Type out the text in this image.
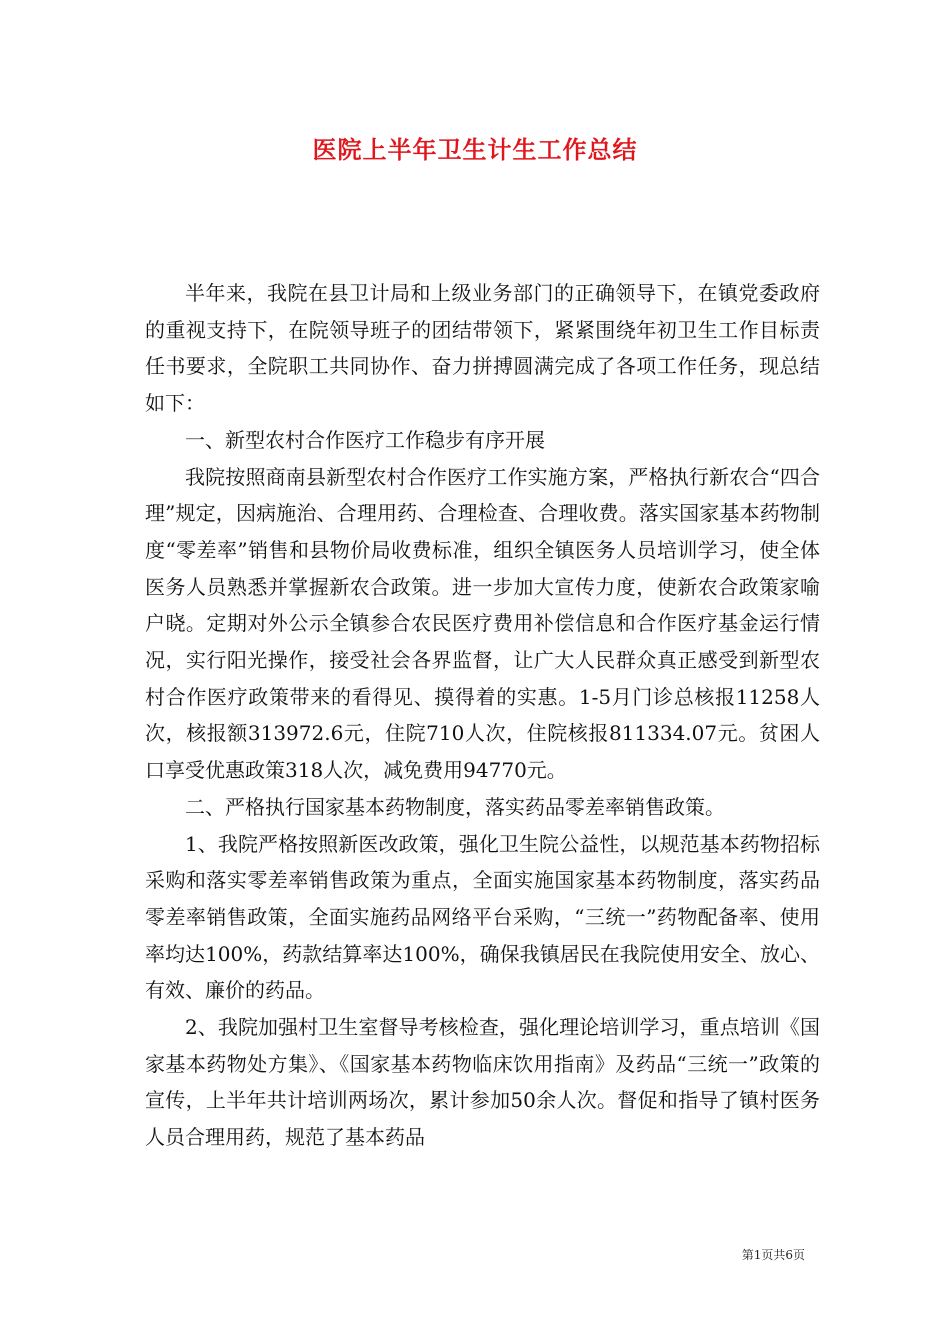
医院上半年卫生计生工作总结

半年来，我院在县卫计局和上级业务部门的正确领导下，在镇党委政府的重视支持下，在院领导班子的团结带领下，紧紧围绕年初卫生工作目标责任书要求，全院职工共同协作、奋力拼搏圆满完成了各项工作任务，现总结如下：

一、新型农村合作医疗工作稳步有序开展

我院按照商南县新型农村合作医疗工作实施方案，严格执行新农合“四合理”规定，因病施治、合理用药、合理检查、合理收费。落实国家基本药物制度“零差率”销售和县物价局收费标准，组织全镇医务人员培训学习，使全体医务人员熟悉并掌握新农合政策。进一步加大宣传力度，使新农合政策家喻户晓。定期对外公示全镇参合农民医疗费用补偿信息和合作医疗基金运行情况，实行阳光操作，接受社会各界监督，让广大人民群众真正感受到新型农村合作医疗政策带来的看得见、摸得着的实惠。1-5月门诊总核报11258人次，核报额313972.6元，住院710人次，住院核报811334.07元。贫困人口享受优惠政策318人次，减免费用94770元。

二、严格执行国家基本药物制度，落实药品零差率销售政策。

1、我院严格按照新医改政策，强化卫生院公益性，以规范基本药物招标采购和落实零差率销售政策为重点，全面实施国家基本药物制度，落实药品零差率销售政策，全面实施药品网络平台采购，“三统一”药物配备率、使用率均达100%，药款结算率达100%，确保我镇居民在我院使用安全、放心、有效、廉价的药品。

2、我院加强村卫生室督导考核检查，强化理论培训学习，重点培训《国家基本药物处方集》、《国家基本药物临床饮用指南》及药品“三统一”政策的宣传，上半年共计培训两场次，累计参加50余人次。督促和指导了镇村医务人员合理用药，规范了基本药品

第1页共6页
